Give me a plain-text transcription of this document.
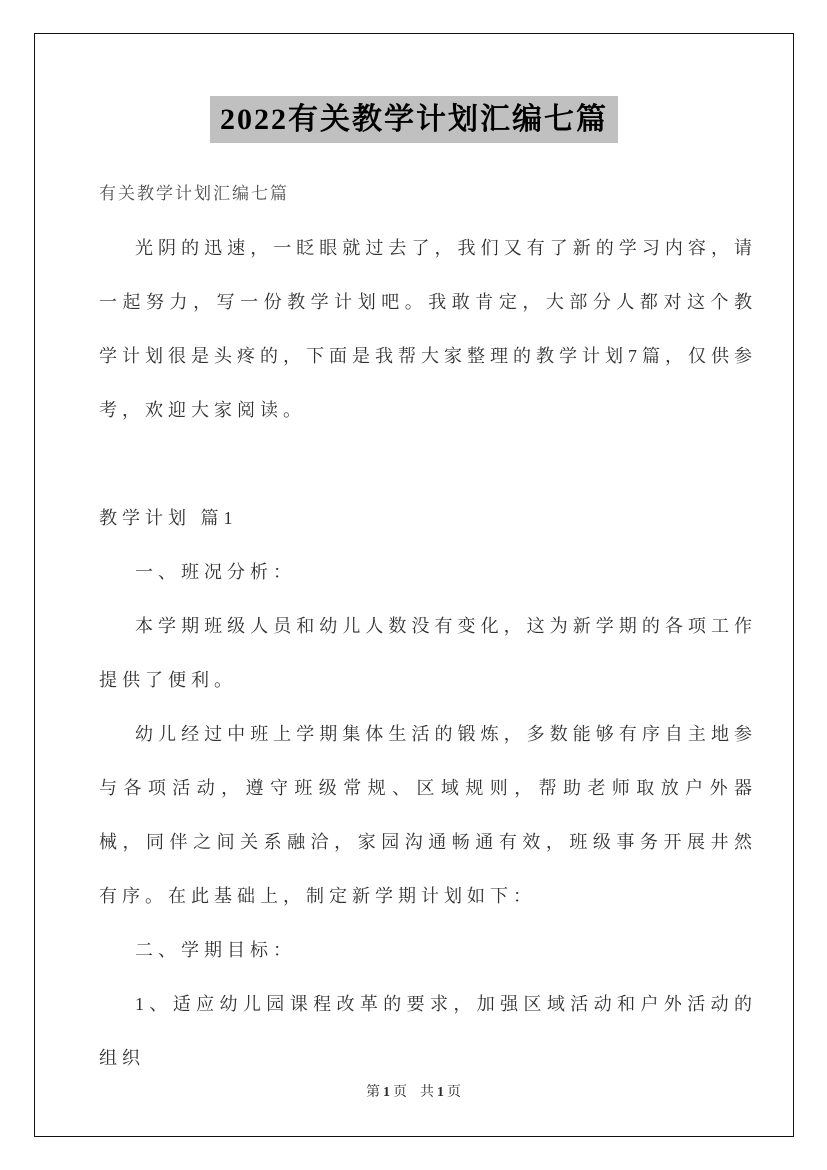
2022有关教学计划汇编七篇

有关教学计划汇编七篇

光阴的迅速，一眨眼就过去了，我们又有了新的学习内容，请一起努力，写一份教学计划吧。我敢肯定，大部分人都对这个教学计划很是头疼的，下面是我帮大家整理的教学计划7篇，仅供参考，欢迎大家阅读。

教学计划 篇1

一、班况分析：

本学期班级人员和幼儿人数没有变化，这为新学期的各项工作提供了便利。

幼儿经过中班上学期集体生活的锻炼，多数能够有序自主地参与各项活动，遵守班级常规、区域规则，帮助老师取放户外器械，同伴之间关系融洽，家园沟通畅通有效，班级事务开展井然有序。在此基础上，制定新学期计划如下：

二、学期目标：

1、适应幼儿园课程改革的要求，加强区域活动和户外活动的组织

第 1 页 共 1 页
